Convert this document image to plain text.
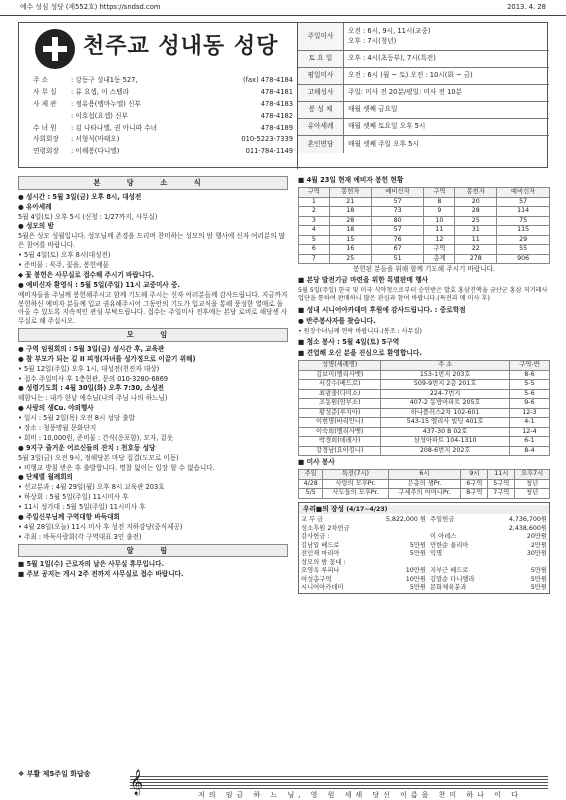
예수 성심 성당 (제552호) https://sndsd.com	2013. 4. 28
천주교 성내동 성당
주 소	: 강동구 성내1동 527,	(fax) 478-4184
사 무 실	: 류 요셉, 이 스텔라	478-4181
사 제 관	: 정유용(엠마누엘) 신부	478-4183
: 이호섭(요셉) 신부	478-4182
수 녀 원	: 김 나타나엘, 권 아니따 수녀	478-4189
사회회장	: 서형석(마태오)	010-5223-7339
연령회장	: 이해봉(다니엘)	011-784-1149
주일미사
오전 : 6시, 9시, 11시(교중)
오후 : 7시(청년)
토 요 일	오후 : 4시(초등부), 7시(특전)
평일미사	오전 : 6시 (월 ~ 토) 오전 : 10시(화 ~ 금)
고해성사	주일: 미사 전 20분/평일: 미사 전 10분
봉 성 체	매월 셋째 금요일
유아세례	매월 셋째 토요일 오후 5시
혼인면담	매월 셋째 주일 오후 5시
본 당 소 식
● 성시간 : 5월 3일(금) 오후 8시, 대성전
● 유아세례
5월 4일(토) 오후 5시 (신청 : 1/27까지, 사무실)
● 성모의 밤
5월은 성모 성월입니다. 성모님께 존경을 드리며 찬미하는 성모의 밤 행사에 신자 여러분의 많은 참여를 바랍니다.
• 5월 4일(토) 오후 8시(대성전)
• 준비물 : 묵주, 꽃을, 봉헌예물
◆ 꽃 봉헌은 사무실로 접수해 주시기 바랍니다.
● 예비신자 환영식 : 5월 5일(주일) 11시 교중미사 중.
예비자들을 주님께 봉헌해주시고 함께 기도해 주시는 신자 여러분들께 감사드립니다. 지금까지 봉헌하신 예비자 분들께 입교 권유해주시어 그동안의 기도가 입교식을 통해 풍성한 열매로 돌아올 수 있도록 지속적인 관심 부탁드립니다. 접수는 주일미사 전후에는 본당 로비로 해당센 사무실로 해 주십시오.
모 임
● 구역 임원회의 : 5월 3일(금) 성시간 후, 교육관
● 참 부모가 되는 길 II 피정(자녀를 성가정으로 이끌기 위해)
• 5월 12일(주일) 오후 1시, 대성전(천진자 대상)
• 접수 주일미사 후 1층현관, 문의 010-3280-6869
● 성령기도회 : 4월 30일(화) 오후 7:30, 소성전
해함니는 : 내가 한낱 예수님(나의 주님 나의 하느님)
● 사랑의 샘Cu. 야외행사
• 일시 : 5월 2일(목) 오전 8시 성당 출발
• 장소 : 청풍명월 문화단지
• 회비 : 10,000원, 준비물 : 간식(응포함), 모자, 겉옷
● 9지구 즐거운 어르신들의 잔치 : 천호동 성당
5월 3일(금) 오전 9시, 정해당본 마당 집결(도모로 이동)
• 비행교 방침 받은 후 출발합니다. 명찰 없이는 입장 할 수 없습니다.
● 단체별 월례회의
• 선교분과 : 4월 29일(월) 오후 8시 교육관 203호
• 하상회 : 5월 5일(주일) 11시미사 후
• 11시 성가대 : 5월 5일(주일) 11시미사 후
● 주일신부님께 구역대항 바둑대회
• 4월 28일(오늘) 11시 미사 후 성전 지하강당(중식제공)
• 주최 : 바둑사랑회(각 구역대표 3인 출전)
알 림
■ 5월 1일(수) 근로자의 날은 사무실 휴무입니다.
■ 주보 공지는 게시 2주 전까지 사무실로 접수 바랍니다.
■ 4월 23일 현재 예비자 봉헌 현황
구역	봉헌자	예비신자	구역	봉헌자	예비신자
1	21	57	8	20	57
2	18	73	9	28	114
3	28	80	10	25	75
4	18	57	11	31	115
5	15	76	12	11	29
6	16	67	구역	22	55
7	25	51	총계	278	906
봉헌된 분들을 위해 함께 기도해 주시기 바랍니다.
■ 본당 발전기금 마련을 위한 특별판매 행사
5월 5일(주일) 한국 및 미국 식약청으로부터 승인받은 발효 홍삼진액을 금산군 홍삼 직거래사업단을 통하여 판매하니 많은 관심과 참여 바랍니다.(특전과 매 미사 후)
■ 성내 시니어아카데미 후원에 감사드립니다. : 중로학점
● 반주봉사자를 찾습니다.
• 원장수녀님께 연락 바랍니다.(봉조 : 사무실)
■ 청소 봉사 : 5월 4일(토) 5구역
■ 견업해 오신 분을 진심으로 환영합니다.
성명(세례명)	주 소	구역-반
김보미(엘리사벳)	153-1번지 203호	8-6
서강수(베드로)	509-9번지 2층 201호	5-5
최광출(다미소)	224-7번지	5-6
조동원(암부소)	407-2 동방아파트 205호	9-6
황성준(루치아)	하나플러스2차 102-601	12-3
이현명(바리안나)	543-15 엘리사 빌딩 401호	4-1
이숙희(엘리사벳)	437-30 B 02호	12-4
박경희(데레사)	삼성아파트 104-1310	6-1
강경남(요아킴나)	208-6번지 202호	8-4
■ 미사 봉사
주일	특전(7시)	6시	9시	11시	오후7시
4/28	사랑의 모후Pr.	은총의 샘Pr.	6구역	5구역	청년
5/5	사도들의 모후Pr.	구세주의 어머니Pr.	8구역	7구역	청년
우리■의 장성 (4/17~4/23)
교 무 금	5,822,000 원	주일헌금	4,736,700원
성소후원 2차헌금			2,438,600원
감사헌금 :		이 아녜스	20만원
김남일 베드로	5만원	민한순 율리아	2만원
전인재 마리아	5만원	익명	30만원
성모의 밤 꽃대 :			
오영옥 루피나	10만원	지부근 베드로	5만원
여성총구역	10만원	김말순 다니엘라	5만원
시니어아카데미	5만원	문화체육분과	5만원
❖ 부활 제5주일 화답송 𝄞	저의 임금 하 느 님, 영 원 세세 당신 이름을 찬미 하나 이 다
